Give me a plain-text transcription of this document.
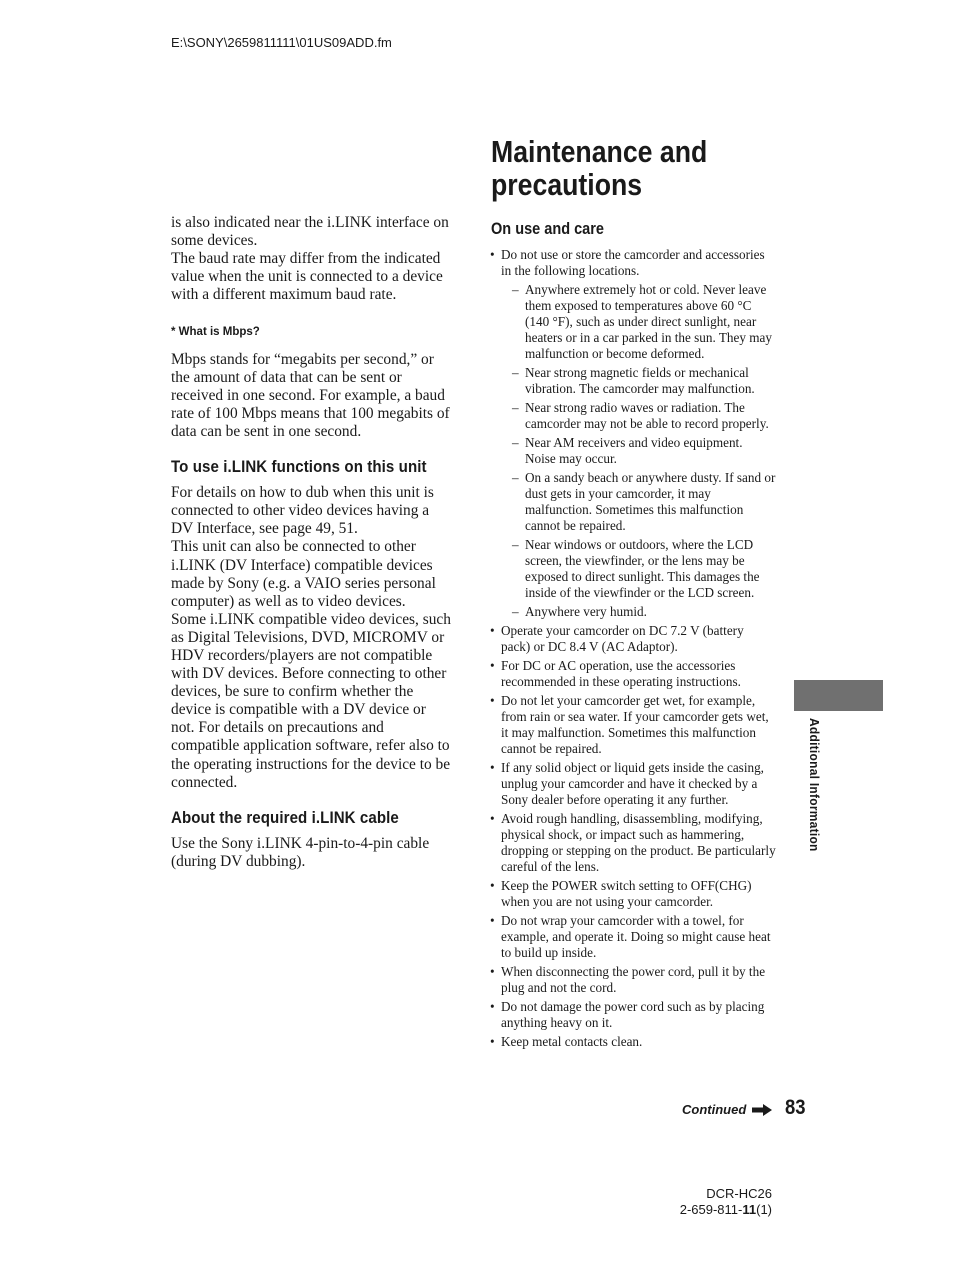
E:\SONY\2659811111\01US09ADD.fm

is also indicated near the i.LINK interface on some devices.

The baud rate may differ from the indicated value when the unit is connected to a device with a different maximum baud rate.

* What is Mbps?

Mbps stands for “megabits per second,” or the amount of data that can be sent or received in one second. For example, a baud rate of 100 Mbps means that 100 megabits of data can be sent in one second.

To use i.LINK functions on this unit

For details on how to dub when this unit is connected to other video devices having a DV Interface, see page 49, 51.

This unit can also be connected to other i.LINK (DV Interface) compatible devices made by Sony (e.g. a VAIO series personal computer) as well as to video devices.

Some i.LINK compatible video devices, such as Digital Televisions, DVD, MICROMV or HDV recorders/players are not compatible with DV devices. Before connecting to other devices, be sure to confirm whether the device is compatible with a DV device or not. For details on precautions and compatible application software, refer also to the operating instructions for the device to be connected.

About the required i.LINK cable

Use the Sony i.LINK 4-pin-to-4-pin cable (during DV dubbing).

Maintenance and precautions
On use and care
• Do not use or store the camcorder and accessories in the following locations.
– Anywhere extremely hot or cold. Never leave them exposed to temperatures above 60 °C (140 °F), such as under direct sunlight, near heaters or in a car parked in the sun. They may malfunction or become deformed.
– Near strong magnetic fields or mechanical vibration. The camcorder may malfunction.
– Near strong radio waves or radiation. The camcorder may not be able to record properly.
– Near AM receivers and video equipment. Noise may occur.
– On a sandy beach or anywhere dusty. If sand or dust gets in your camcorder, it may malfunction. Sometimes this malfunction cannot be repaired.
– Near windows or outdoors, where the LCD screen, the viewfinder, or the lens may be exposed to direct sunlight. This damages the inside of the viewfinder or the LCD screen.
– Anywhere very humid.
• Operate your camcorder on DC 7.2 V (battery pack) or DC 8.4 V (AC Adaptor).
• For DC or AC operation, use the accessories recommended in these operating instructions.
• Do not let your camcorder get wet, for example, from rain or sea water. If your camcorder gets wet, it may malfunction. Sometimes this malfunction cannot be repaired.
• If any solid object or liquid gets inside the casing, unplug your camcorder and have it checked by a Sony dealer before operating it any further.
• Avoid rough handling, disassembling, modifying, physical shock, or impact such as hammering, dropping or stepping on the product. Be particularly careful of the lens.
• Keep the POWER switch setting to OFF(CHG) when you are not using your camcorder.
• Do not wrap your camcorder with a towel, for example, and operate it. Doing so might cause heat to build up inside.
• When disconnecting the power cord, pull it by the plug and not the cord.
• Do not damage the power cord such as by placing anything heavy on it.
• Keep metal contacts clean.
Additional Information
Continued 83
DCR-HC26
2-659-811-11(1)
